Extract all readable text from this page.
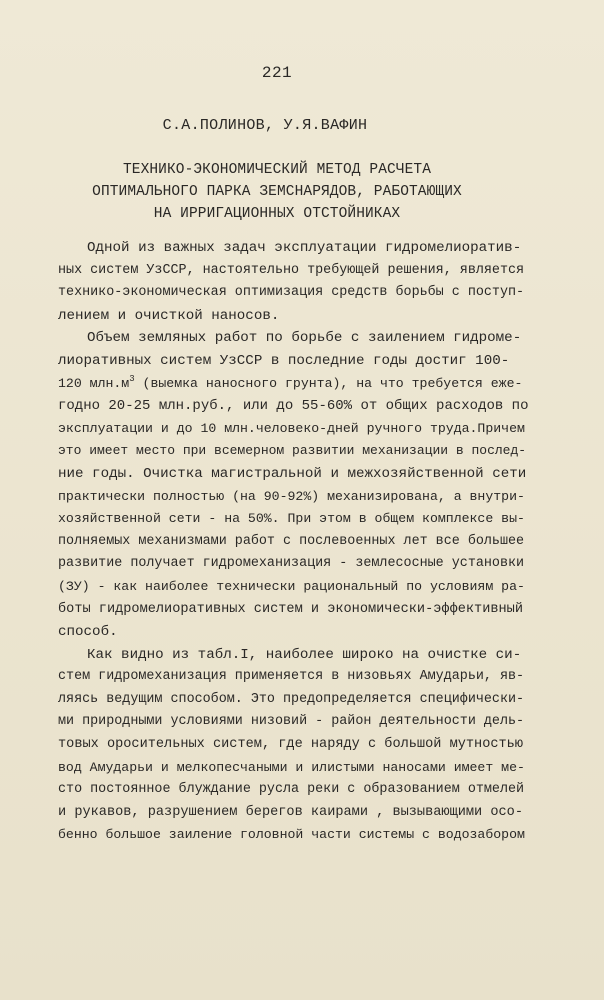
221
С.А.ПОЛИНОВ, У.Я.ВАФИН
ТЕХНИКО-ЭКОНОМИЧЕСКИЙ МЕТОД РАСЧЕТА
ОПТИМАЛЬНОГО ПАРКА ЗЕМСНАРЯДОВ, РАБОТАЮЩИХ
НА ИРРИГАЦИОННЫХ ОТСТОЙНИКАХ
Одной из важных задач эксплуатации гидромелиоратив-
ных систем УзССР, настоятельно требующей решения, является
технико-экономическая оптимизация средств борьбы с поступ-
лением и очисткой наносов.
Объем земляных работ по борьбе с заилением гидроме-
лиоративных систем УзССР в последние годы достиг 100-
120 $млн.м^3$ (выемка наносного грунта), на что требуется еже-
годно 20-25 млн.руб., или до 55-60% от общих расходов по
эксплуатации и до 10 млн.человеко-дней ручного труда.Причем
это имеет место при всемерном развитии механизации в послед-
ние годы. Очистка магистральной и межхозяйственной сети
практически полностью (на 90-92%) механизирована, а внутри-
хозяйственной сети - на 50%. При этом в общем комплексе вы-
полняемых механизмами работ с послевоенных лет все большее
развитие получает гидромеханизация - землесосные установки
(ЗУ) - как наиболее технически рациональный по условиям ра-
боты гидромелиоративных систем и экономически-эффективный
способ.
Как видно из табл.I, наиболее широко на очистке си-
стем гидромеханизация применяется в низовьях Амударьи, яв-
ляясь ведущим способом. Это предопределяется специфически-
ми природными условиями низовий - район деятельности дель-
товых оросительных систем, где наряду с большой мутностью
вод Амударьи и мелкопесчаными и илистыми наносами имеет ме-
сто постоянное блуждание русла реки с образованием отмелей
и рукавов, разрушением берегов каирами , вызывающими осо-
бенно большое заиление головной части системы с водозабором
